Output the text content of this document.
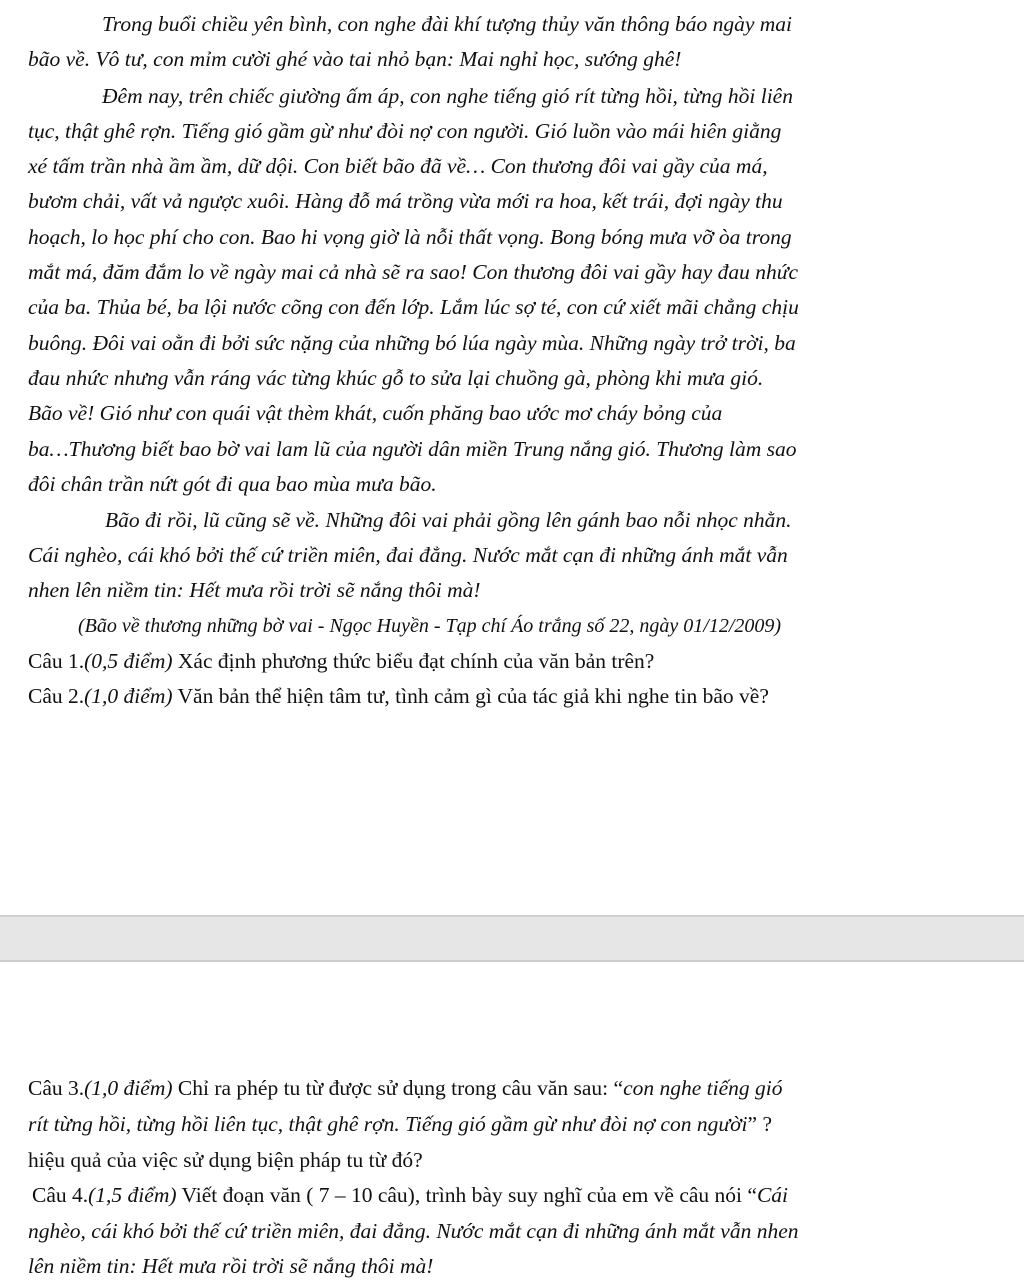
Trong buổi chiều yên bình, con nghe đài khí tượng thủy văn thông báo ngày mai
bão về. Vô tư, con mỉm cười ghé vào tai nhỏ bạn: Mai nghỉ học, sướng ghê!
Đêm nay, trên chiếc giường ấm áp, con nghe tiếng gió rít từng hồi, từng hồi liên
tục, thật ghê rợn. Tiếng gió gầm gừ như đòi nợ con người. Gió luồn vào mái hiên giằng
xé tấm trần nhà ầm ầm, dữ dội. Con biết bão đã về… Con thương đôi vai gầy của má,
bươm chải, vất vả ngược xuôi. Hàng đỗ má trồng vừa mới ra hoa, kết trái, đợi ngày thu
hoạch, lo học phí cho con. Bao hi vọng giờ là nỗi thất vọng. Bong bóng mưa vỡ òa trong
mắt má, đăm đắm lo về ngày mai cả nhà sẽ ra sao! Con thương đôi vai gầy hay đau nhức
của ba. Thủa bé, ba lội nước cõng con đến lớp. Lắm lúc sợ té, con cứ xiết mãi chẳng chịu
buông. Đôi vai oằn đi bởi sức nặng của những bó lúa ngày mùa. Những ngày trở trời, ba
đau nhức nhưng vẫn ráng vác từng khúc gỗ to sửa lại chuồng gà, phòng khi mưa gió.
Bão về! Gió như con quái vật thèm khát, cuốn phăng bao ước mơ cháy bỏng của
ba…Thương biết bao bờ vai lam lũ của người dân miền Trung nắng gió. Thương làm sao
đôi chân trần nứt gót đi qua bao mùa mưa bão.
Bão đi rồi, lũ cũng sẽ về. Những đôi vai phải gồng lên gánh bao nỗi nhọc nhằn.
Cái nghèo, cái khó bởi thế cứ triền miên, đai đẳng. Nước mắt cạn đi những ánh mắt vẫn
nhen lên niềm tin: Hết mưa rồi trời sẽ nắng thôi mà!
(Bão về thương những bờ vai - Ngọc Huyền - Tạp chí Áo trắng số 22, ngày 01/12/2009)
Câu 1.(0,5 điểm) Xác định phương thức biểu đạt chính của văn bản trên?
Câu 2.(1,0 điểm) Văn bản thể hiện tâm tư, tình cảm gì của tác giả khi nghe tin bão về?
Câu 3.(1,0 điểm) Chỉ ra phép tu từ được sử dụng trong câu văn sau: “con nghe tiếng gió
rít từng hồi, từng hồi liên tục, thật ghê rợn. Tiếng gió gầm gừ như đòi nợ con người” ?
hiệu quả của việc sử dụng biện pháp tu từ đó?
Câu 4.(1,5 điểm) Viết đoạn văn ( 7 – 10 câu), trình bày suy nghĩ của em về câu nói “Cái
nghèo, cái khó bởi thế cứ triền miên, đai đẳng. Nước mắt cạn đi những ánh mắt vẫn nhen
lên niềm tin: Hết mưa rồi trời sẽ nắng thôi mà!
